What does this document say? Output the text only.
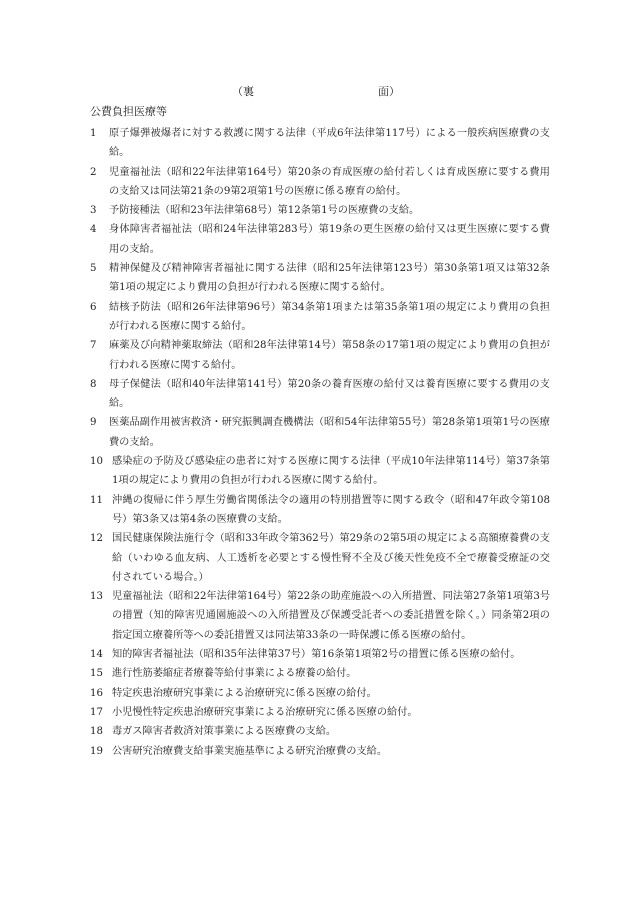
（裏	面）
公費負担医療等
1	原子爆弾被爆者に対する救護に関する法律（平成6年法律第117号）による一般疾病医療費の支給。
2	児童福祉法（昭和22年法律第164号）第20条の育成医療の給付若しくは育成医療に要する費用の支給又は同法第21条の9第2項第1号の医療に係る療育の給付。
3	予防接種法（昭和23年法律第68号）第12条第1号の医療費の支給。
4	身体障害者福祉法（昭和24年法律第283号）第19条の更生医療の給付又は更生医療に要する費用の支給。
5	精神保健及び精神障害者福祉に関する法律（昭和25年法律第123号）第30条第1項又は第32条第1項の規定により費用の負担が行われる医療に関する給付。
6	結核予防法（昭和26年法律第96号）第34条第1項または第35条第1項の規定により費用の負担が行われる医療に関する給付。
7	麻薬及び向精神薬取締法（昭和28年法律第14号）第58条の17第1項の規定により費用の負担が行われる医療に関する給付。
8	母子保健法（昭和40年法律第141号）第20条の養育医療の給付又は養育医療に要する費用の支給。
9	医薬品副作用被害救済・研究振興調査機構法（昭和54年法律第55号）第28条第1項第1号の医療費の支給。
10 感染症の予防及び感染症の患者に対する医療に関する法律（平成10年法律第114号）第37条第1項の規定により費用の負担が行われる医療に関する給付。
11 沖縄の復帰に伴う厚生労働省関係法令の適用の特別措置等に関する政令（昭和47年政令第108号）第3条又は第4条の医療費の支給。
12 国民健康保険法施行令（昭和33年政令第362号）第29条の2第5項の規定による高額療養費の支給（いわゆる血友病、人工透析を必要とする慢性腎不全及び後天性免疫不全で療養受療証の交付されている場合。）
13 児童福祉法（昭和22年法律第164号）第22条の助産施設への入所措置、同法第27条第1項第3号の措置（知的障害児通園施設への入所措置及び保護受託者への委託措置を除く。）同条第2項の指定国立療養所等への委託措置又は同法第33条の一時保護に係る医療の給付。
14 知的障害者福祉法（昭和35年法律第37号）第16条第1項第2号の措置に係る医療の給付。
15 進行性筋萎縮症者療養等給付事業による療養の給付。
16 特定疾患治療研究事業による治療研究に係る医療の給付。
17 小児慢性特定疾患治療研究事業による治療研究に係る医療の給付。
18 毒ガス障害者救済対策事業による医療費の支給。
19 公害研究治療費支給事業実施基準による研究治療費の支給。
